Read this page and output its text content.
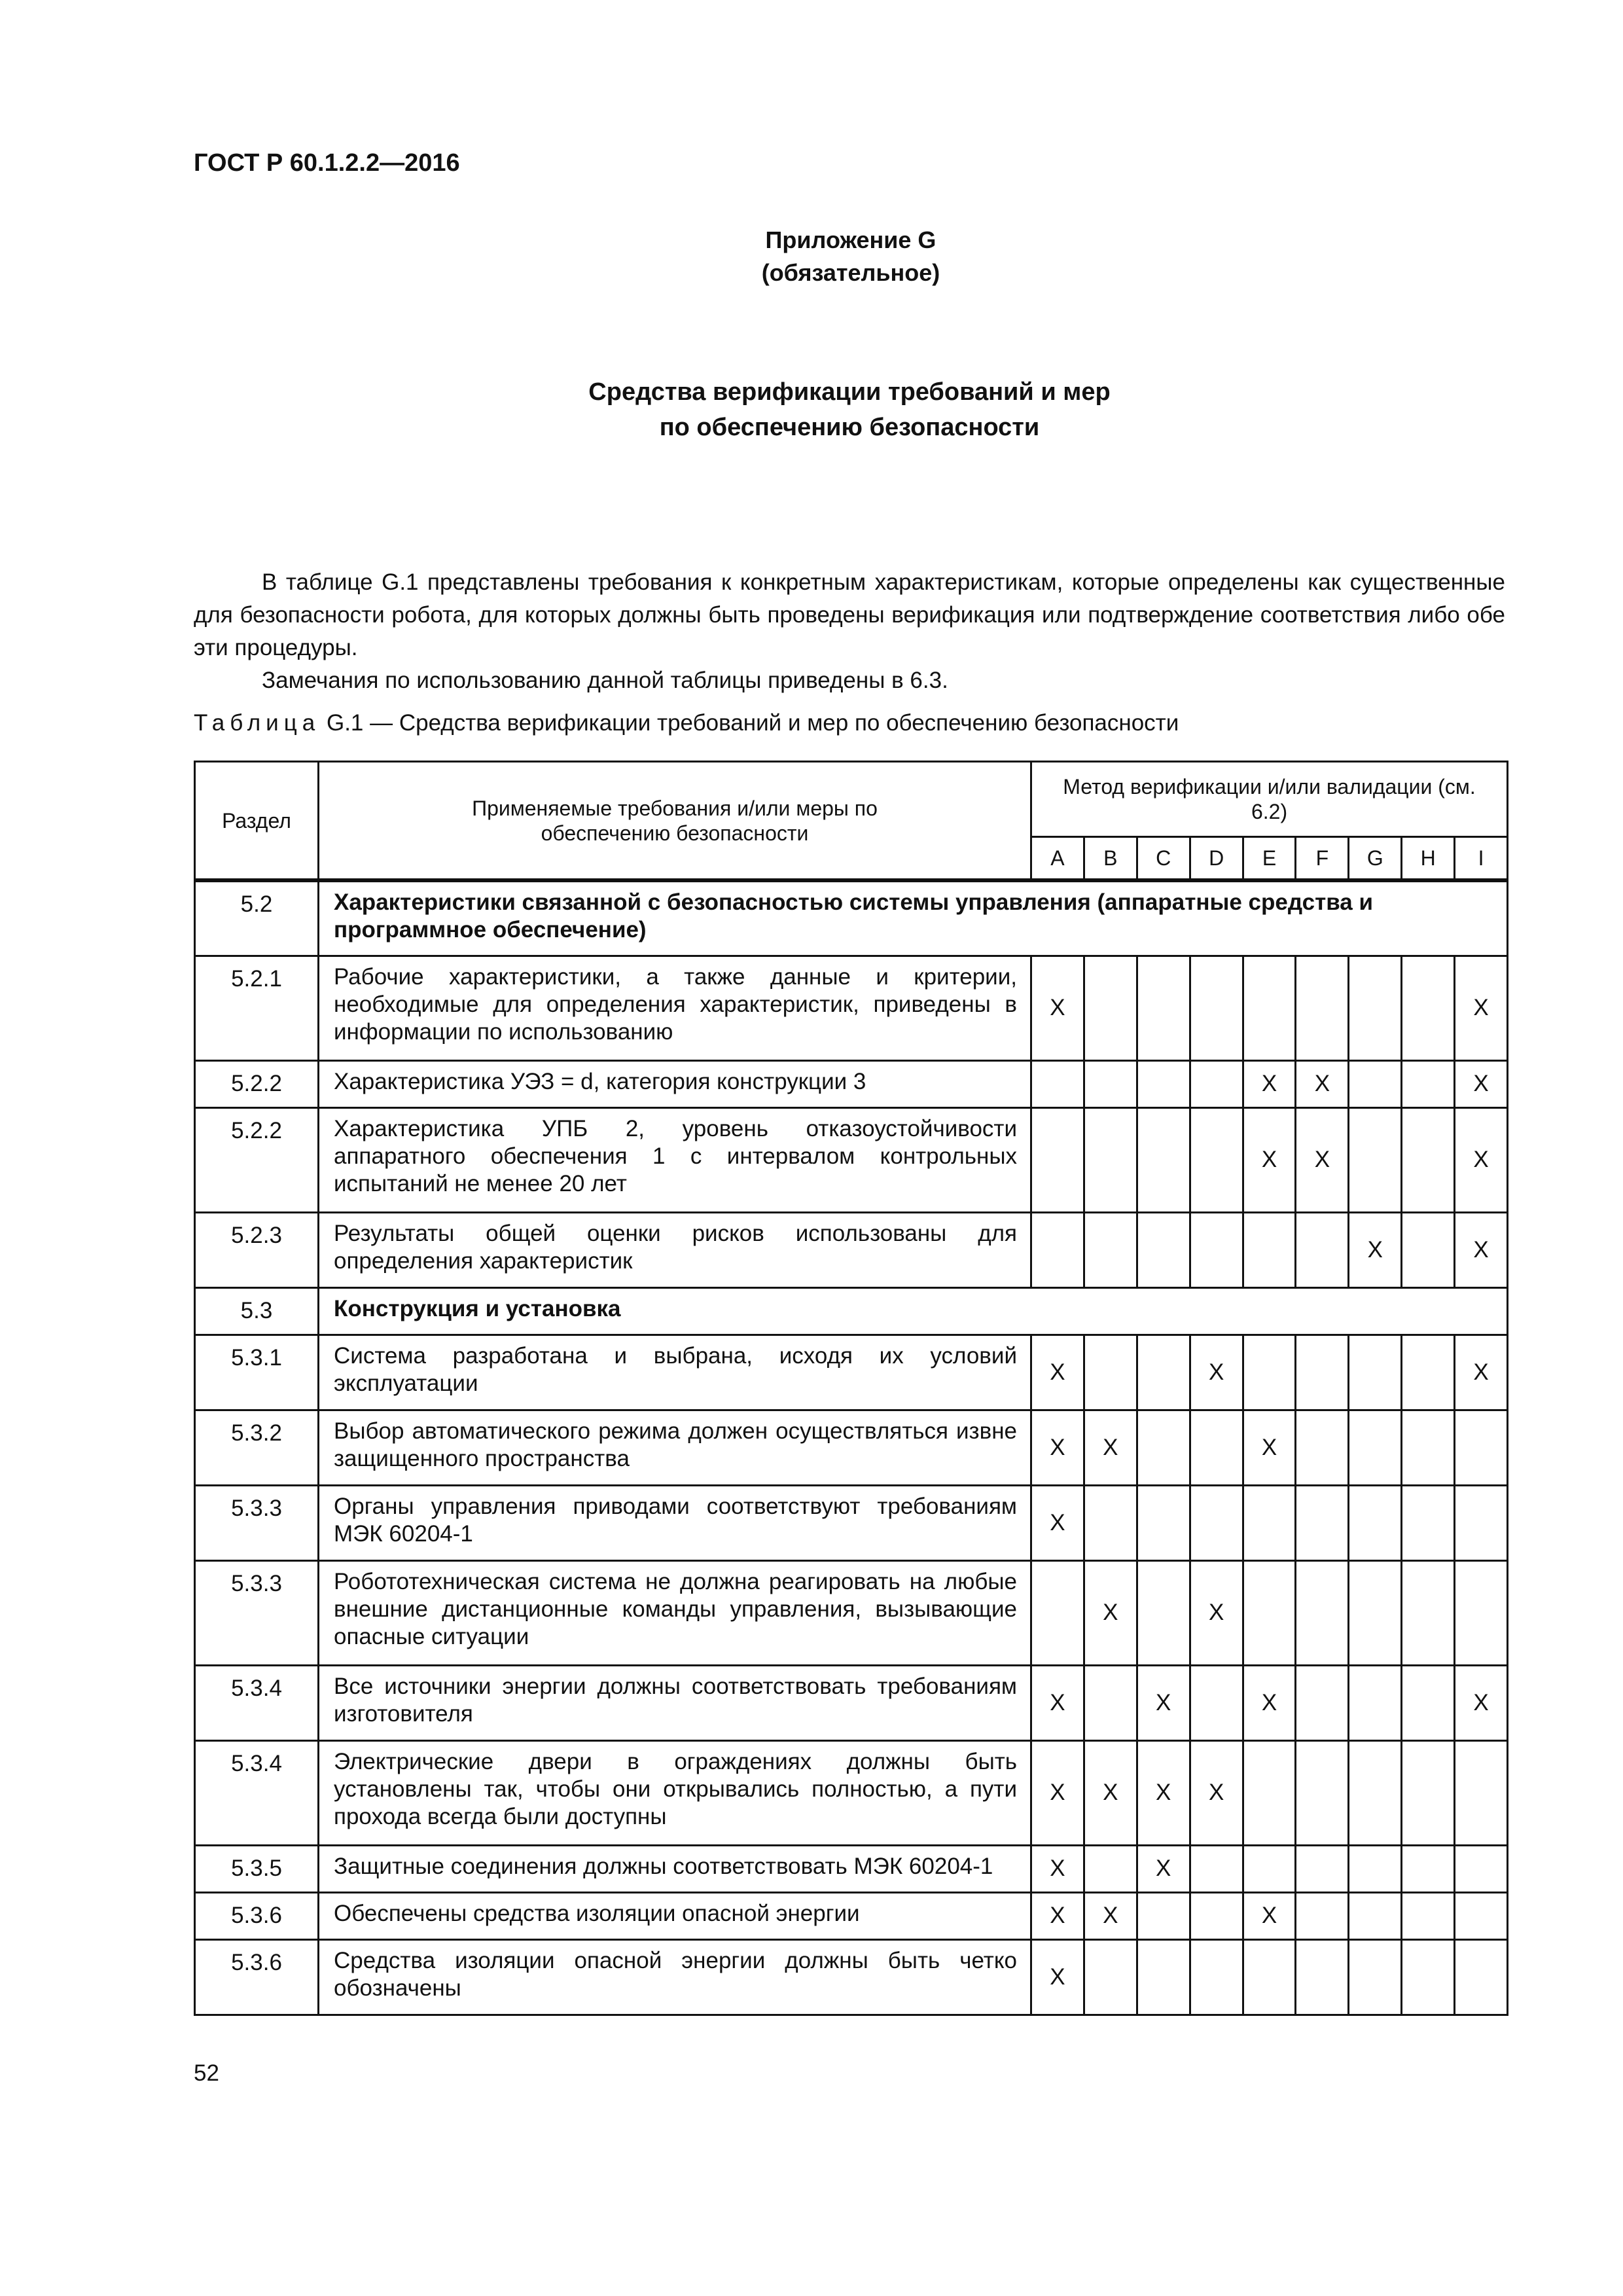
ГОСТ Р 60.1.2.2—2016
Приложение G
(обязательное)
Средства верификации требований и мер
по обеспечению безопасности

В таблице G.1 представлены требования к конкретным характеристикам, которые определены как существенные для безопасности робота, для которых должны быть проведены верификация или подтверждение соответствия либо обе эти процедуры.

Замечания по использованию данной таблицы приведены в 6.3.

Таблица G.1 — Средства верификации требований и мер по обеспечению безопасности
Раздел	Применяемые требования и/или меры по обеспечению безопасности	Метод верификации и/или валидации (см. 6.2)								
		A	B	C	D	E	F	G	H	I
5.2	Характеристики связанной с безопасностью системы управления (аппаратные средства и программное обеспечение)									
5.2.1	Рабочие характеристики, а также данные и критерии, необходимые для определения характеристик, приведены в информации по использованию	X								X
5.2.2	Характеристика УЭЗ = d, категория конструкции 3					X	X			X
5.2.2	Характеристика УПБ 2, уровень отказоустойчивости аппаратного обеспечения 1 с интервалом контрольных испытаний не менее 20 лет					X	X			X
5.2.3	Результаты общей оценки рисков использованы для определения характеристик							X		X
5.3	Конструкция и установка									
5.3.1	Система разработана и выбрана, исходя их условий эксплуатации	X			X					X
5.3.2	Выбор автоматического режима должен осуществляться извне защищенного пространства	X	X			X				
5.3.3	Органы управления приводами соответствуют требованиям МЭК 60204-1	X								
5.3.3	Робототехническая система не должна реагировать на любые внешние дистанционные команды управления, вызывающие опасные ситуации		X		X					
5.3.4	Все источники энергии должны соответствовать требованиям изготовителя	X		X		X				X
5.3.4	Электрические двери в ограждениях должны быть установлены так, чтобы они открывались полностью, а пути прохода всегда были доступны	X	X	X	X					
5.3.5	Защитные соединения должны соответствовать МЭК 60204-1	X		X						
5.3.6	Обеспечены средства изоляции опасной энергии	X	X			X				
5.3.6	Средства изоляции опасной энергии должны быть четко обозначены	X								
52
